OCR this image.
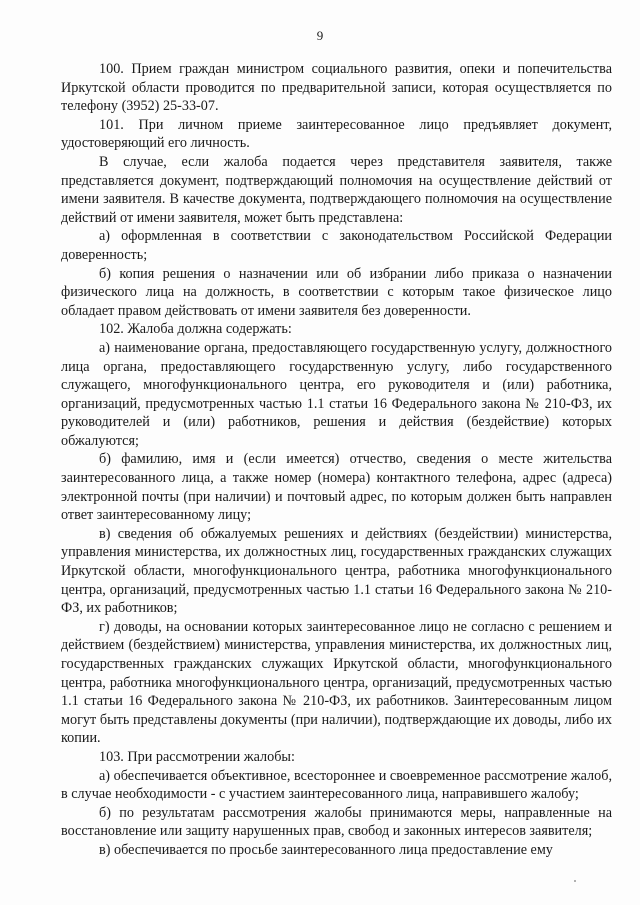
9

100. Прием граждан министром социального развития, опеки и попечительства Иркутской области проводится по предварительной записи, которая осуществляется по телефону (3952) 25-33-07.

101. При личном приеме заинтересованное лицо предъявляет документ, удостоверяющий его личность.

В случае, если жалоба подается через представителя заявителя, также представляется документ, подтверждающий полномочия на осуществление действий от имени заявителя. В качестве документа, подтверждающего полномочия на осуществление действий от имени заявителя, может быть представлена:

а) оформленная в соответствии с законодательством Российской Федерации доверенность;

б) копия решения о назначении или об избрании либо приказа о назначении физического лица на должность, в соответствии с которым такое физическое лицо обладает правом действовать от имени заявителя без доверенности.

102. Жалоба должна содержать:

а) наименование органа, предоставляющего государственную услугу, должностного лица органа, предоставляющего государственную услугу, либо государственного служащего, многофункционального центра, его руководителя и (или) работника, организаций, предусмотренных частью 1.1 статьи 16 Федерального закона № 210-ФЗ, их руководителей и (или) работников, решения и действия (бездействие) которых обжалуются;

б) фамилию, имя и (если имеется) отчество, сведения о месте жительства заинтересованного лица, а также номер (номера) контактного телефона, адрес (адреса) электронной почты (при наличии) и почтовый адрес, по которым должен быть направлен ответ заинтересованному лицу;

в) сведения об обжалуемых решениях и действиях (бездействии) министерства, управления министерства, их должностных лиц, государственных гражданских служащих Иркутской области, многофункционального центра, работника многофункционального центра, организаций, предусмотренных частью 1.1 статьи 16 Федерального закона № 210-ФЗ, их работников;

г) доводы, на основании которых заинтересованное лицо не согласно с решением и действием (бездействием) министерства, управления министерства, их должностных лиц, государственных гражданских служащих Иркутской области, многофункционального центра, работника многофункционального центра, организаций, предусмотренных частью 1.1 статьи 16 Федерального закона № 210-ФЗ, их работников. Заинтересованным лицом могут быть представлены документы (при наличии), подтверждающие их доводы, либо их копии.

103. При рассмотрении жалобы:

а) обеспечивается объективное, всестороннее и своевременное рассмотрение жалоб, в случае необходимости - с участием заинтересованного лица, направившего жалобу;

б) по результатам рассмотрения жалобы принимаются меры, направленные на восстановление или защиту нарушенных прав, свобод и законных интересов заявителя;

в) обеспечивается по просьбе заинтересованного лица предоставление ему
